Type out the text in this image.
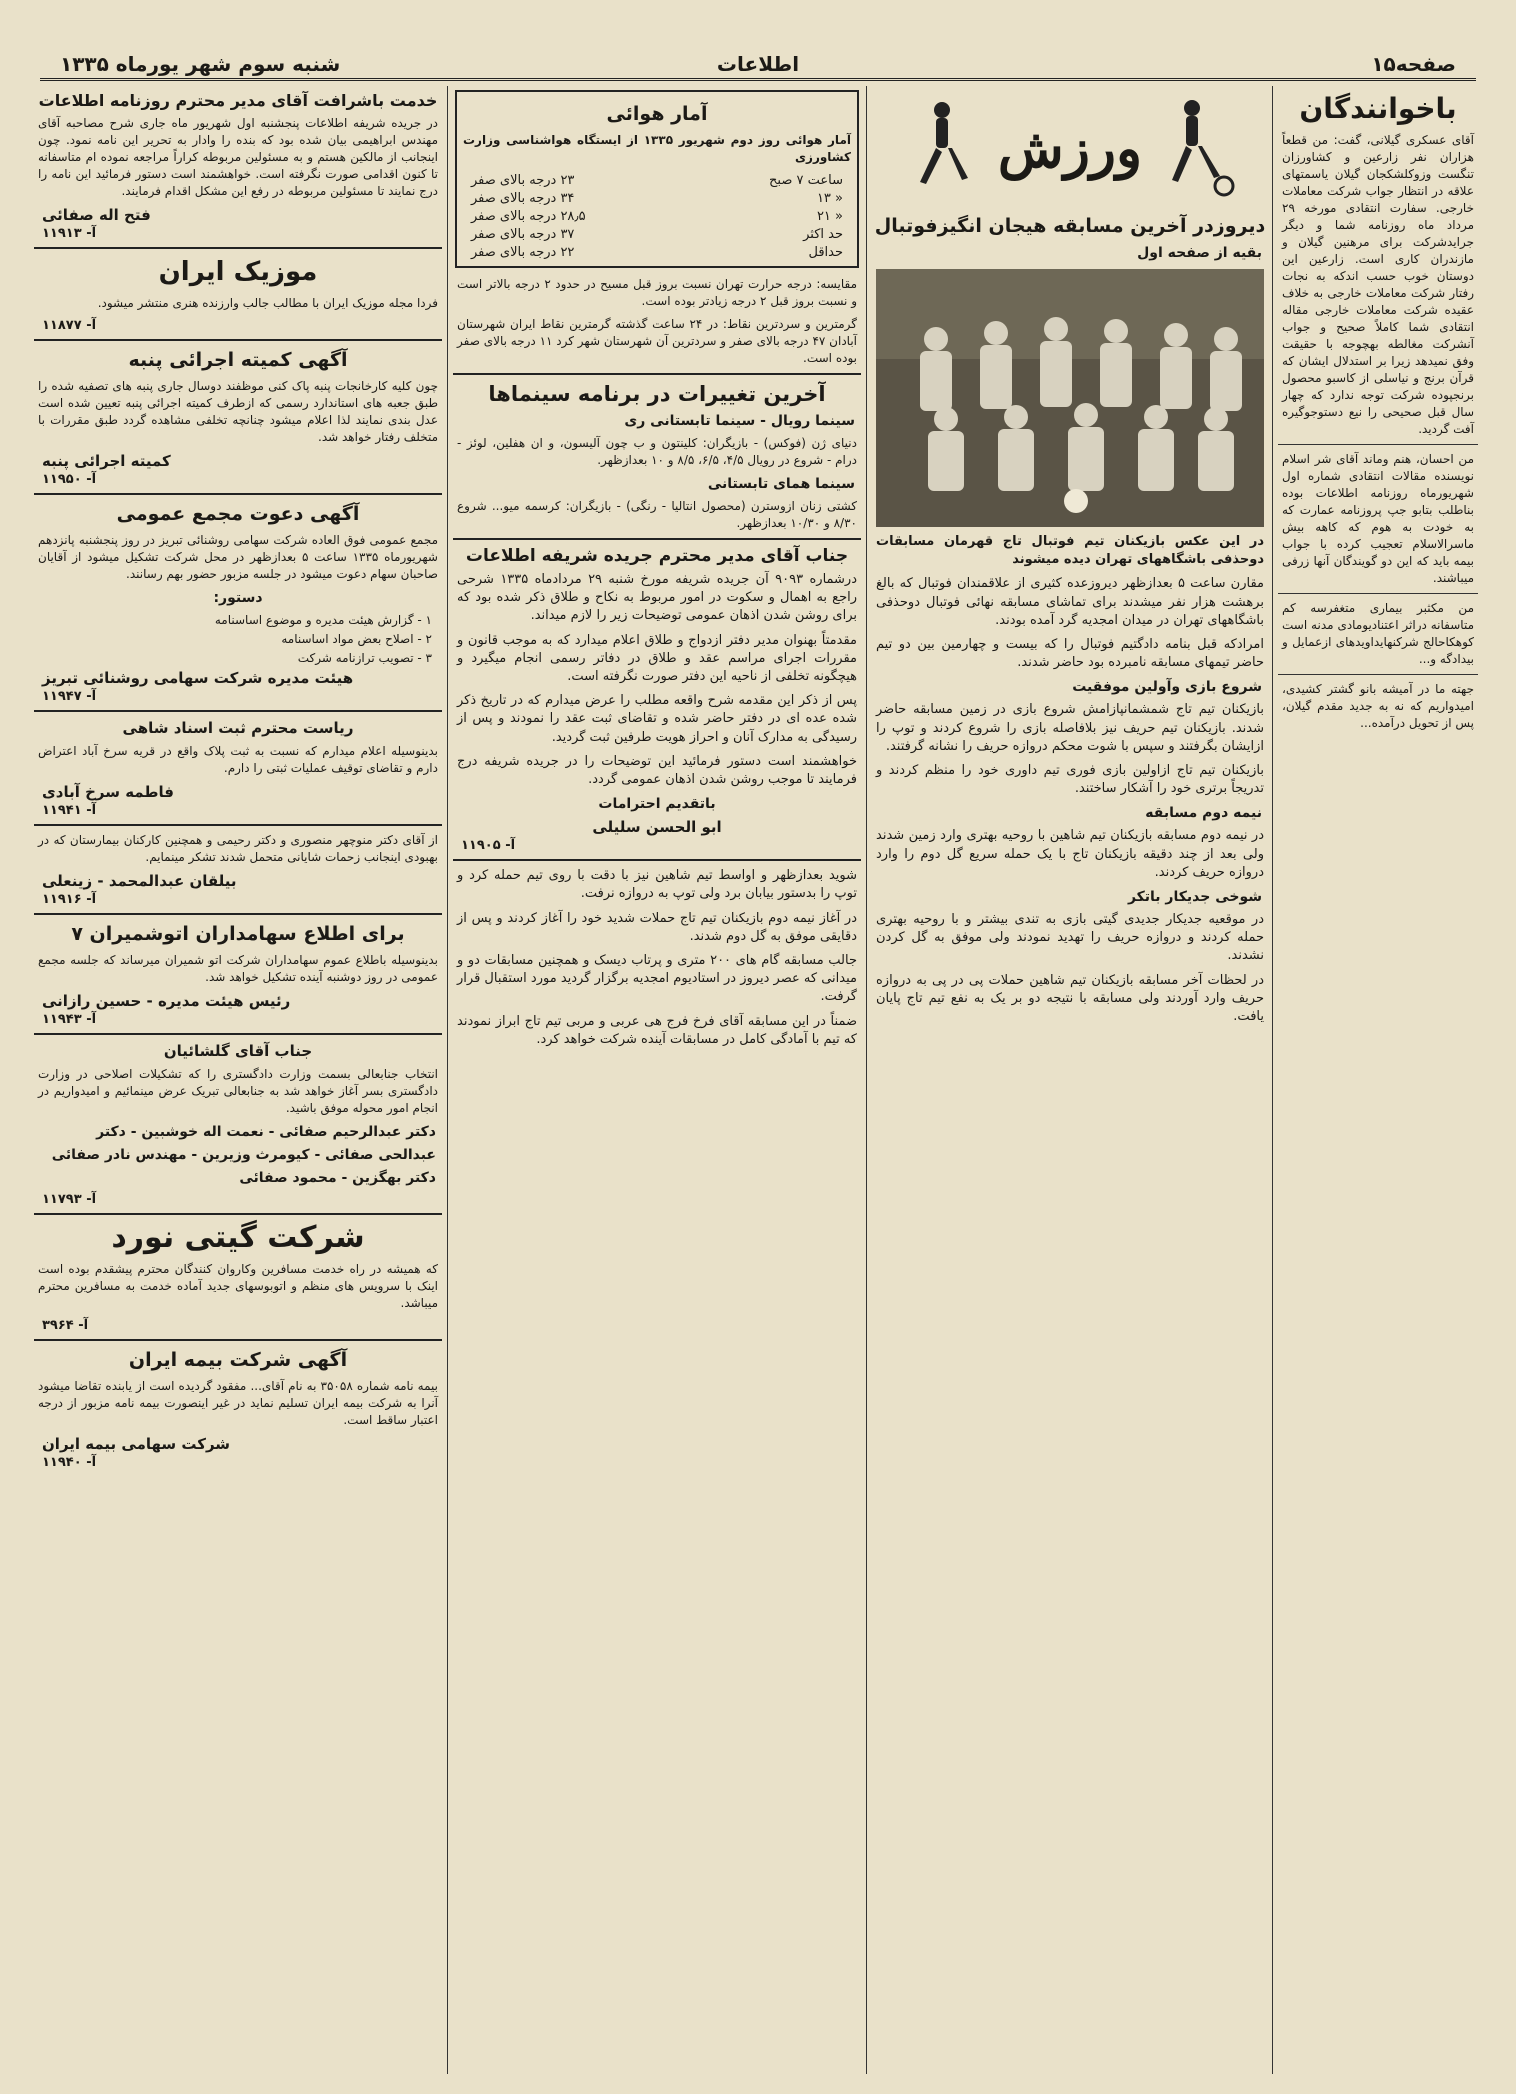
صفحه۱۵
اطلاعات
شنبه سوم شهر یورماه ۱۳۳۵
باخوانندگان
آقای عسکری گیلانی، گفت: من قطعاً هزاران نفر زارعین و کشاورزان تنگست وزوکلشکجان گیلان یاسمتهای علاقه در انتظار جواب شرکت معاملات خارجی. سفارت انتقادی مورخه ۲۹ مرداد ماه روزنامه شما و دیگر جرایدشرکت برای مرهنین گیلان و مازندران کاری است. زارعین این دوستان خوب حسب اندکه به نجات رفتار شرکت معاملات خارجی به خلاف عقیده شرکت معاملات خارجی مقاله انتقادی شما کاملاً صحیح و جواب آنشرکت مغالطه بهچوجه با حقیقت وفق نمیدهد زیرا بر استدلال ایشان که قرآن برنج و نیاسلی از کاسبو محصول برنجپوده شرکت توجه ندارد که چهار سال قبل صحیحی را نیع دستوجوگیره آفت گردید.
من احسان، هنم وماند آقای شر اسلام نویسنده مقالات انتقادی شماره اول شهریورماه روزنامه اطلاعات بوده بناطلب بتابو جپ پروزنامه عمارت که به خودت به هوم که کاهه بیش ماسرالاسلام تعجیب کرده با جواب بیمه باید که این دو گویندگان آنها زرفی میباشند.
من مکثبر بیماری متغفرسه کم متاسفانه دراثر اعتنادیومادی مدنه است کوهکاحالج شرکنهایداویدهای ازعمایل و بیدادگه و...
جهته ما در آمیشه بانو گشتر کشیدی، امیدواریم که نه به جدید مقدم گیلان، پس از تحویل درآمده...
ورزش
دیروزدر آخرین مسابقه هیجان انگیزفوتبال
بقیه از صفحه اول
در این عکس بازیکنان تیم فوتبال تاج قهرمان مسابقات دوحذفی باشگاههای تهران دیده میشوند
مقارن ساعت ۵ بعدازظهر دیروزعده کثیری از علاقمندان فوتبال که بالغ برهشت هزار نفر میشدند برای تماشای مسابقه نهائی فوتبال دوحذفی باشگاههای تهران در میدان امجدیه گرد آمده بودند.
امرادکه قبل بنامه دادگتیم فوتبال را که بیست و چهارمین بین دو تیم حاضر تیمهای مسابقه نامبرده بود حاضر شدند.
شروع بازی وآولین موفقیت
بازیکنان تیم تاج شمشمانپازامش شروع بازی در زمین مسابقه حاضر شدند. بازیکنان تیم حریف نیز بلافاصله بازی را شروع کردند و توپ را ازایشان بگرفتند و سپس با شوت محکم دروازه حریف را نشانه گرفتند.
بازیکنان تیم تاج ازاولین بازی فوری تیم داوری خود را منظم کردند و تدریجاً برتری خود را آشکار ساختند.
نیمه دوم مسابقه
در نیمه دوم مسابقه بازیکنان تیم شاهین با روحیه بهتری وارد زمین شدند ولی بعد از چند دقیقه بازیکنان تاج با یک حمله سریع گل دوم را وارد دروازه حریف کردند.
شوخی جدیکار باتکر
در موقعیه جدیکار جدیدی گیتی بازی به تندی بیشتر و با روحیه بهتری حمله کردند و دروازه حریف را تهدید نمودند ولی موفق به گل کردن نشدند.
در لحظات آخر مسابقه بازیکنان تیم شاهین حملات پی در پی به دروازه حریف وارد آوردند ولی مسابقه با نتیجه دو بر یک به نفع تیم تاج پایان یافت.
آمار هوائی
آمار هوائی روز دوم شهریور ۱۳۳۵ از ایستگاه هواشناسی وزارت کشاورزی
ساعت ۷ صبح
۲۳ درجه بالای صفر
« ۱۳
۳۴ درجه بالای صفر
« ۲۱
۲۸٫۵ درجه بالای صفر
حد اکثر
۳۷ درجه بالای صفر
حداقل
۲۲ درجه بالای صفر
مقایسه: درجه حرارت تهران نسبت بروز قبل مسیح در حدود ۲ درجه بالاتر است و نسبت بروز قبل ۲ درجه زیادتر بوده است.
گرمترین و سردترین نقاط: در ۲۴ ساعت گذشته گرمترین نقاط ایران شهرستان آبادان ۴۷ درجه بالای صفر و سردترین آن شهرستان شهر کرد ۱۱ درجه بالای صفر بوده است.
آخرین تغییرات در برنامه سینماها
سینما رویال - سینما تابستانی ری
دنیای ژن (فوکس) - بازیگران: کلینتون و ب چون آلیسون، و ان هفلین، لوئز - درام - شروع در رویال ۴/۵، ۶/۵، ۸/۵ و ۱۰ بعدازظهر.
سینما همای تابستانی
کشتی زنان ازوسترن (محصول انتالیا - رنگی) - بازیگران: کرسمه میو... شروع ۸/۳۰ و ۱۰/۳۰ بعدازظهر.
جناب آقای مدیر محترم جریده شریفه اطلاعات
درشماره ۹۰۹۳ آن جریده شریفه مورخ شنبه ۲۹ مردادماه ۱۳۳۵ شرحی راجع به اهمال و سکوت در امور مربوط به نکاح و طلاق ذکر شده بود که برای روشن شدن اذهان عمومی توضیحات زیر را لازم میداند.
مقدمتاً بهنوان مدیر دفتر ازدواج و طلاق اعلام میدارد که به موجب قانون و مقررات اجرای مراسم عقد و طلاق در دفاتر رسمی انجام میگیرد و هیچگونه تخلفی از ناحیه این دفتر صورت نگرفته است.
پس از ذکر این مقدمه شرح واقعه مطلب را عرض میدارم که در تاریخ ذکر شده عده ای در دفتر حاضر شده و تقاضای ثبت عقد را نمودند و پس از رسیدگی به مدارک آنان و احراز هویت طرفین ثبت گردید.
خواهشمند است دستور فرمائید این توضیحات را در جریده شریفه درج فرمایند تا موجب روشن شدن اذهان عمومی گردد.
باتقدیم احترامات
ابو الحسن سلیلی
آ- ۱۱۹۰۵
شوید بعدازظهر و اواسط تیم شاهین نیز با دقت با روی تیم حمله کرد و توپ را بدستور بیابان برد ولی توپ به دروازه نرفت.
در آغاز نیمه دوم بازیکنان تیم تاج حملات شدید خود را آغاز کردند و پس از دقایقی موفق به گل دوم شدند.
جالب مسابقه گام های ۲۰۰ متری و پرتاب دیسک و همچنین مسابقات دو و میدانی که عصر دیروز در استادیوم امجدیه برگزار گردید مورد استقبال قرار گرفت.
ضمناً در این مسابقه آقای فرخ فرج هی عربی و مربی تیم تاج ابراز نمودند که تیم با آمادگی کامل در مسابقات آینده شرکت خواهد کرد.
خدمت باشرافت آقای مدیر محترم روزنامه اطلاعات
در جریده شریفه اطلاعات پنجشنبه اول شهریور ماه جاری شرح مصاحبه آقای مهندس ابراهیمی بیان شده بود که بنده را وادار به تحریر این نامه نمود. چون اینجانب از مالکین هستم و به مسئولین مربوطه کراراً مراجعه نموده ام متاسفانه تا کنون اقدامی صورت نگرفته است. خواهشمند است دستور فرمائید این نامه را درج نمایند تا مسئولین مربوطه در رفع این مشکل اقدام فرمایند.
فتح اله صفائی
آ- ۱۱۹۱۳
موزیک ایران
فردا مجله موزیک ایران با مطالب جالب وارزنده هنری منتشر میشود.
آ- ۱۱۸۷۷
آگهی کمیته اجرائی پنبه
چون کلیه کارخانجات پنبه پاک کنی موظفند دوسال جاری پنبه های تصفیه شده را طبق جعبه های استاندارد رسمی که ازطرف کمیته اجرائی پنبه تعیین شده است عدل بندی نمایند لذا اعلام میشود چنانچه تخلفی مشاهده گردد طبق مقررات با متخلف رفتار خواهد شد.
کمیته اجرائی پنبه
آ- ۱۱۹۵۰
آگهی دعوت مجمع عمومی
مجمع عمومی فوق العاده شرکت سهامی روشنائی تبریز در روز پنجشنبه پانزدهم شهریورماه ۱۳۳۵ ساعت ۵ بعدازظهر در محل شرکت تشکیل میشود از آقایان صاحبان سهام دعوت میشود در جلسه مزبور حضور بهم رسانند.
دستور:
۱ - گزارش هیئت مدیره و موضوع اساسنامه
۲ - اصلاح بعض مواد اساسنامه
۳ - تصویب ترازنامه شرکت
هیئت مدیره شرکت سهامی روشنائی تبریز
آ- ۱۱۹۴۷
ریاست محترم ثبت اسناد شاهی
بدینوسیله اعلام میدارم که نسبت به ثبت پلاک واقع در قریه سرخ آباد اعتراض دارم و تقاضای توقیف عملیات ثبتی را دارم.
فاطمه سرخ آبادی
آ- ۱۱۹۴۱
از آقای دکتر منوچهر منصوری و دکتر رحیمی و همچنین کارکنان بیمارستان که در بهبودی اینجانب زحمات شایانی متحمل شدند تشکر مینمایم.
بیلقان عبدالمحمد - زینعلی
آ- ۱۱۹۱۶
برای اطلاع سهامداران اتوشمیران ۷
بدینوسیله باطلاع عموم سهامداران شرکت اتو شمیران میرساند که جلسه مجمع عمومی در روز دوشنبه آینده تشکیل خواهد شد.
رئیس هیئت مدیره - حسین رازانی
آ- ۱۱۹۴۳
جناب آقای گلشائیان
انتخاب جنابعالی بسمت وزارت دادگستری را که تشکیلات اصلاحی در وزارت دادگستری بسر آغاز خواهد شد به جنابعالی تبریک عرض مینمائیم و امیدواریم در انجام امور محوله موفق باشید.
دکتر عبدالرحیم صفائی - نعمت اله خوشبین - دکتر
عبدالحی صفائی - کیومرث وزیرین - مهندس نادر صفائی
دکتر بهگزین - محمود صفائی
آ- ۱۱۷۹۳
شرکت گیتی نورد
که همیشه در راه خدمت مسافرین وکاروان کنندگان محترم پیشقدم بوده است اینک با سرویس های منظم و اتوبوسهای جدید آماده خدمت به مسافرین محترم میباشد.
آ- ۳۹۶۴
آگهی شرکت بیمه ایران
بیمه نامه شماره ۳۵۰۵۸ به نام آقای... مفقود گردیده است از یابنده تقاضا میشود آنرا به شرکت بیمه ایران تسلیم نماید در غیر اینصورت بیمه نامه مزبور از درجه اعتبار ساقط است.
شرکت سهامی بیمه ایران
آ- ۱۱۹۴۰
